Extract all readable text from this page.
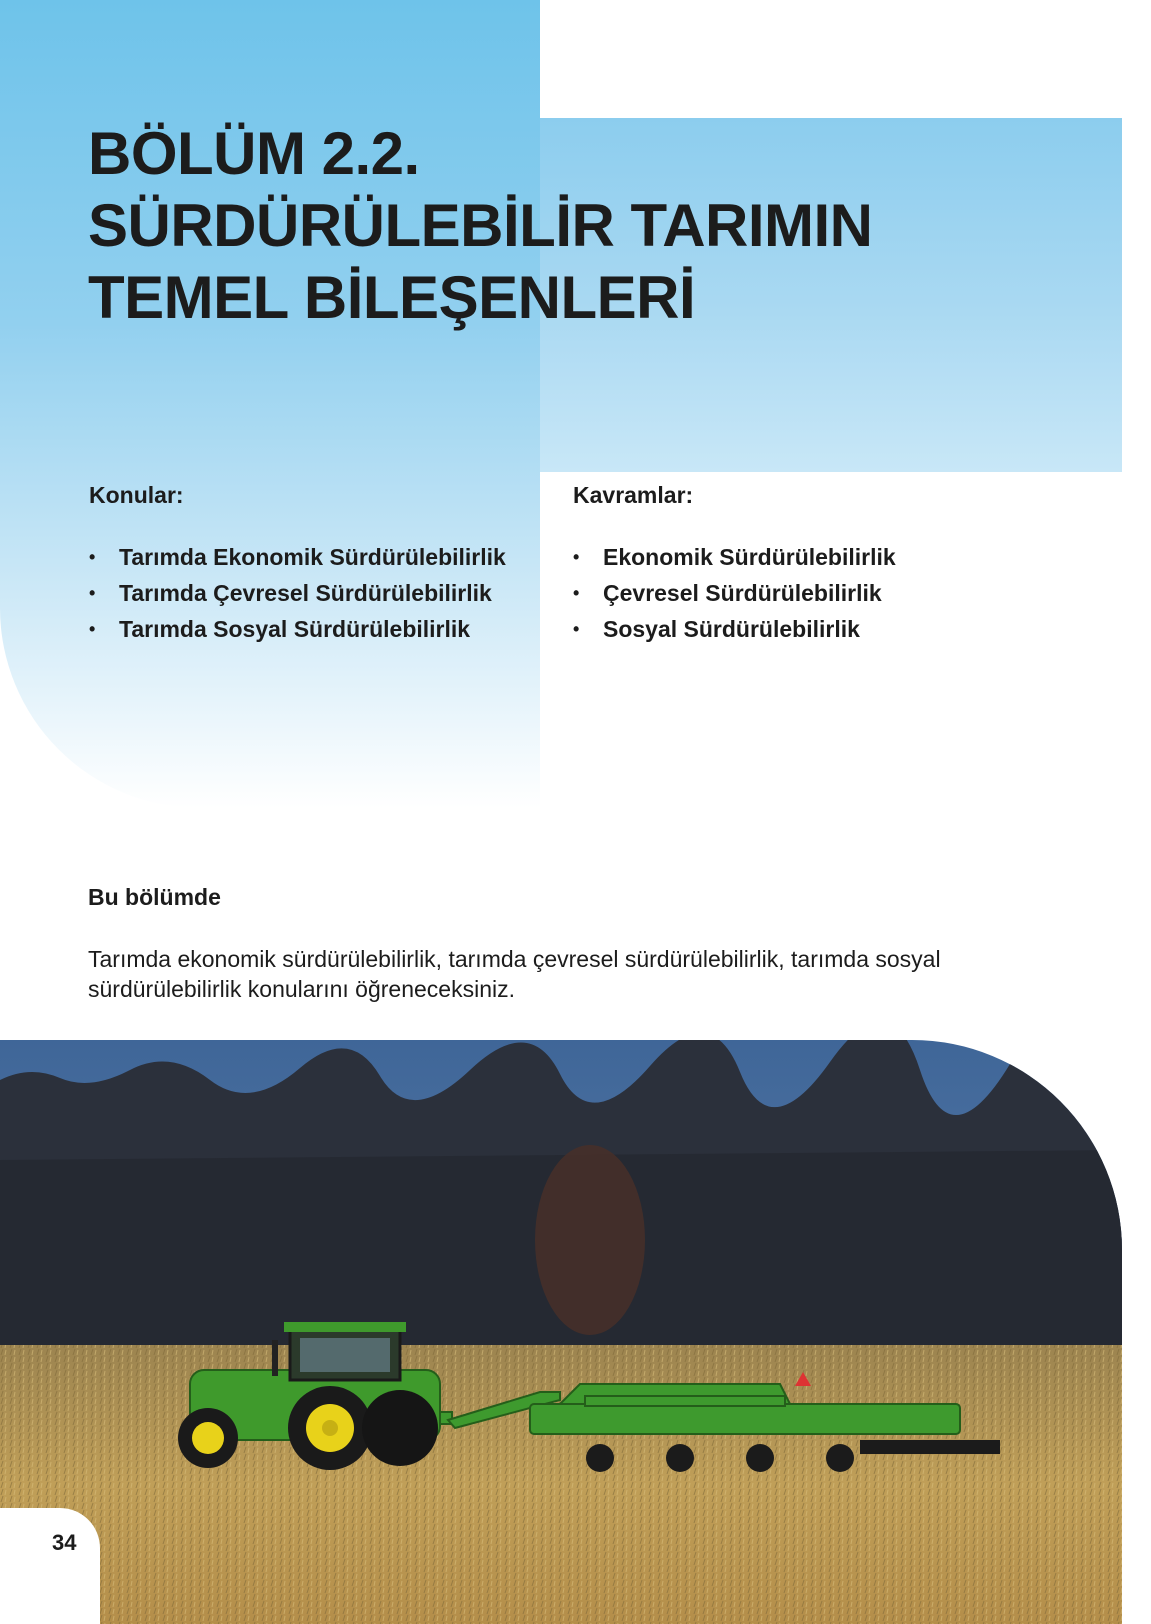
BÖLÜM 2.2.
SÜRDÜRÜLEBİLİR TARIMIN
TEMEL BİLEŞENLERİ
Konular:
• Tarımda Ekonomik Sürdürülebilirlik
• Tarımda Çevresel Sürdürülebilirlik
• Tarımda Sosyal Sürdürülebilirlik
Kavramlar:
• Ekonomik Sürdürülebilirlik
• Çevresel Sürdürülebilirlik
• Sosyal Sürdürülebilirlik
Bu bölümde

Tarımda ekonomik sürdürülebilirlik, tarımda çevresel sürdürülebilirlik, tarımda sosyal sürdürülebilirlik konularını öğreneceksiniz.

34
